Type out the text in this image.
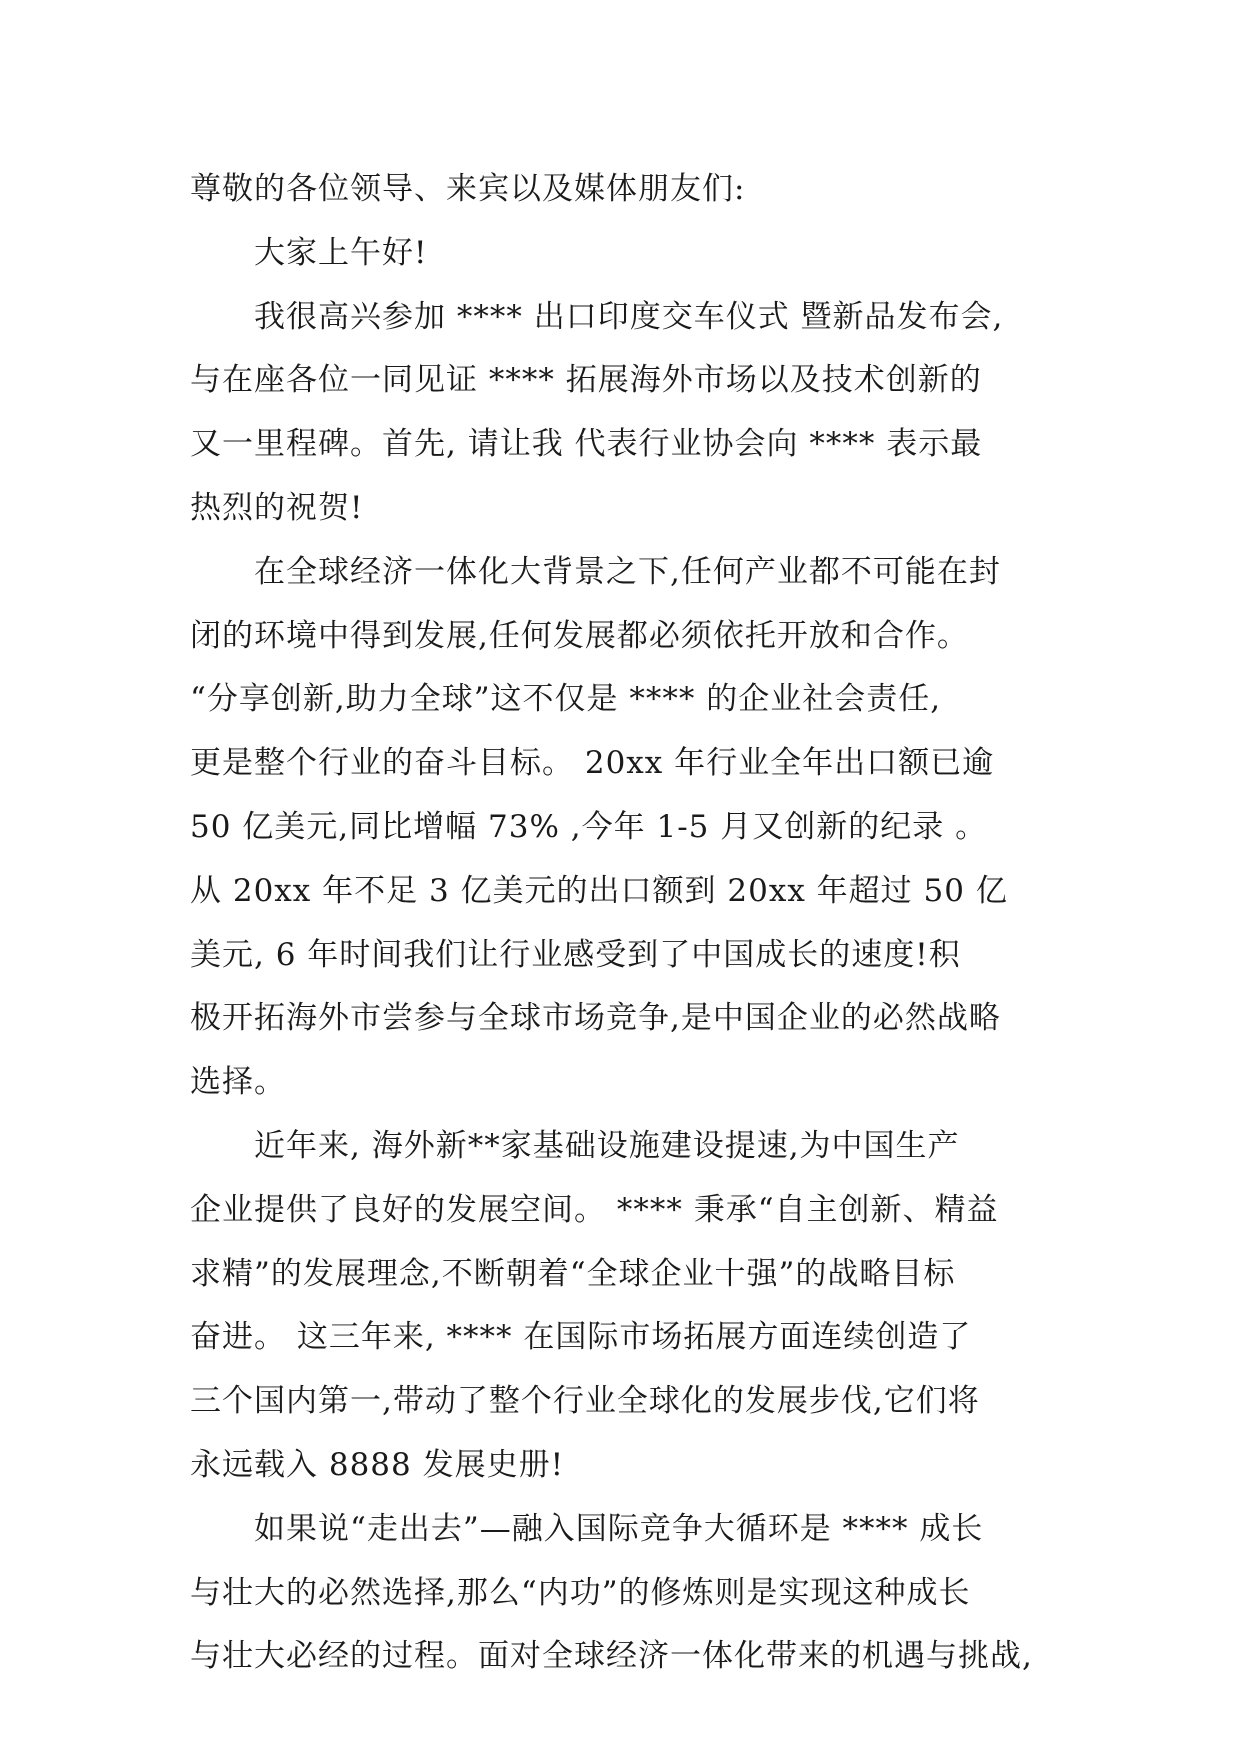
尊敬的各位领导、来宾以及媒体朋友们:

大家上午好!

我很高兴参加 **** 出口印度交车仪式 暨新品发布会,
与在座各位一同见证 **** 拓展海外市场以及技术创新的
又一里程碑。首先, 请让我 代表行业协会向 **** 表示最
热烈的祝贺!

在全球经济一体化大背景之下,任何产业都不可能在封
闭的环境中得到发展,任何发展都必须依托开放和合作。
“分享创新,助力全球”这不仅是 **** 的企业社会责任,
更是整个行业的奋斗目标。 20xx 年行业全年出口额已逾
50 亿美元,同比增幅 73% ,今年 1-5 月又创新的纪录 。
从 20xx 年不足 3 亿美元的出口额到 20xx 年超过 50 亿
美元, 6 年时间我们让行业感受到了中国成长的速度!积
极开拓海外市尝参与全球市场竞争,是中国企业的必然战略
选择。

近年来, 海外新**家基础设施建设提速,为中国生产
企业提供了良好的发展空间。 **** 秉承“自主创新、精益
求精”的发展理念,不断朝着“全球企业十强”的战略目标
奋进。 这三年来, **** 在国际市场拓展方面连续创造了
三个国内第一,带动了整个行业全球化的发展步伐,它们将
永远载入 8888 发展史册!

如果说“走出去”—融入国际竞争大循环是 **** 成长
与壮大的必然选择,那么“内功”的修炼则是实现这种成长
与壮大必经的过程。面对全球经济一体化带来的机遇与挑战,
